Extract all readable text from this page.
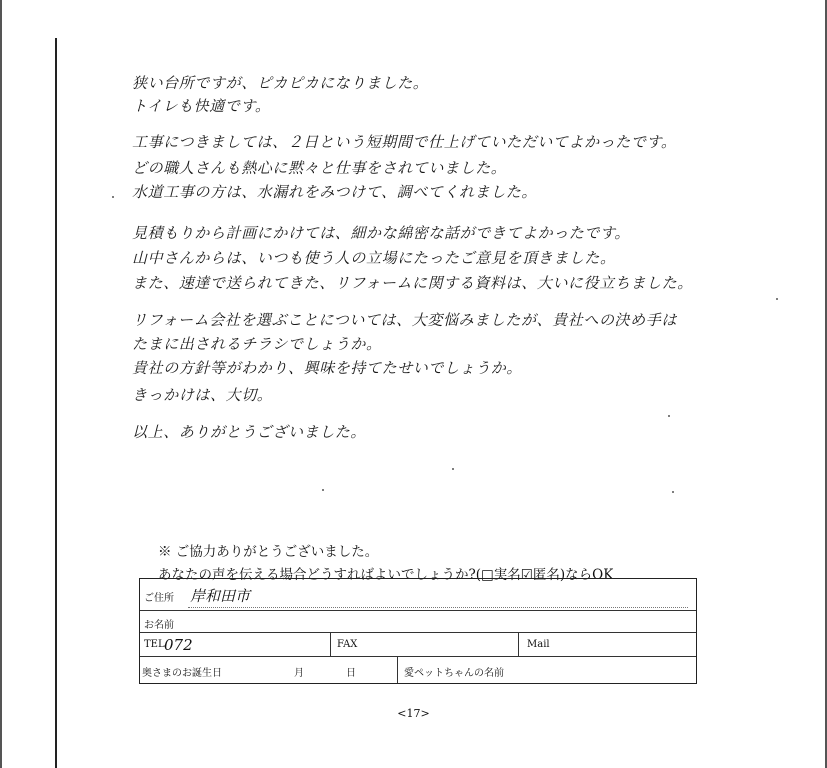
狭い台所ですが、ピカピカになりました。
トイレも快適です。
工事につきましては、２日という短期間で仕上げていただいてよかったです。
どの職人さんも熱心に黙々と仕事をされていました。
水道工事の方は、水漏れをみつけて、調べてくれました。
見積もりから計画にかけては、細かな綿密な話ができてよかったです。
山中さんからは、いつも使う人の立場にたったご意見を頂きました。
また、速達で送られてきた、リフォームに関する資料は、大いに役立ちました。
リフォーム会社を選ぶことについては、大変悩みましたが、貴社への決め手は
たまに出されるチラシでしょうか。
貴社の方針等がわかり、興味を持てたせいでしょうか。
きっかけは、大切。
以上、ありがとうございました。
※ ご協力ありがとうございました。
あなたの声を伝える場合どうすればよいでしょうか?(□実名☑匿名)ならOK
ご住所 岸和田市
お名前
TEL 072	FAX	Mail
奥さまのお誕生日	月	日	愛ペットちゃんの名前
<17>
